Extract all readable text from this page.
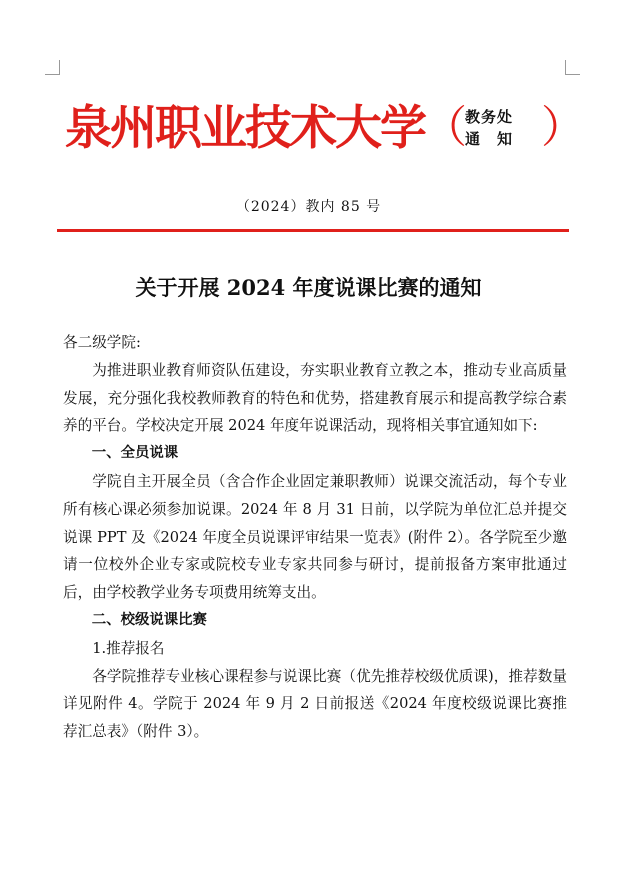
泉州职业技术大学
（
教务处
通　知 ）
（2024）教内 85 号
关于开展 2024 年度说课比赛的通知

各二级学院:

为推进职业教育师资队伍建设，夯实职业教育立教之本，推动专业高质量发展，充分强化我校教师教育的特色和优势，搭建教育展示和提高教学综合素养的平台。学校决定开展 2024 年度年说课活动，现将相关事宜通知如下:

一、全员说课

学院自主开展全员（含合作企业固定兼职教师）说课交流活动，每个专业所有核心课必须参加说课。2024 年 8 月 31 日前，以学院为单位汇总并提交说课 PPT 及《2024 年度全员说课评审结果一览表》(附件 2）。各学院至少邀请一位校外企业专家或院校专业专家共同参与研讨，提前报备方案审批通过后，由学校教学业务专项费用统筹支出。

二、校级说课比赛

1.推荐报名

各学院推荐专业核心课程参与说课比赛（优先推荐校级优质课)，推荐数量详见附件 4。学院于 2024 年 9 月 2 日前报送《2024 年度校级说课比赛推荐汇总表》（附件 3）。
